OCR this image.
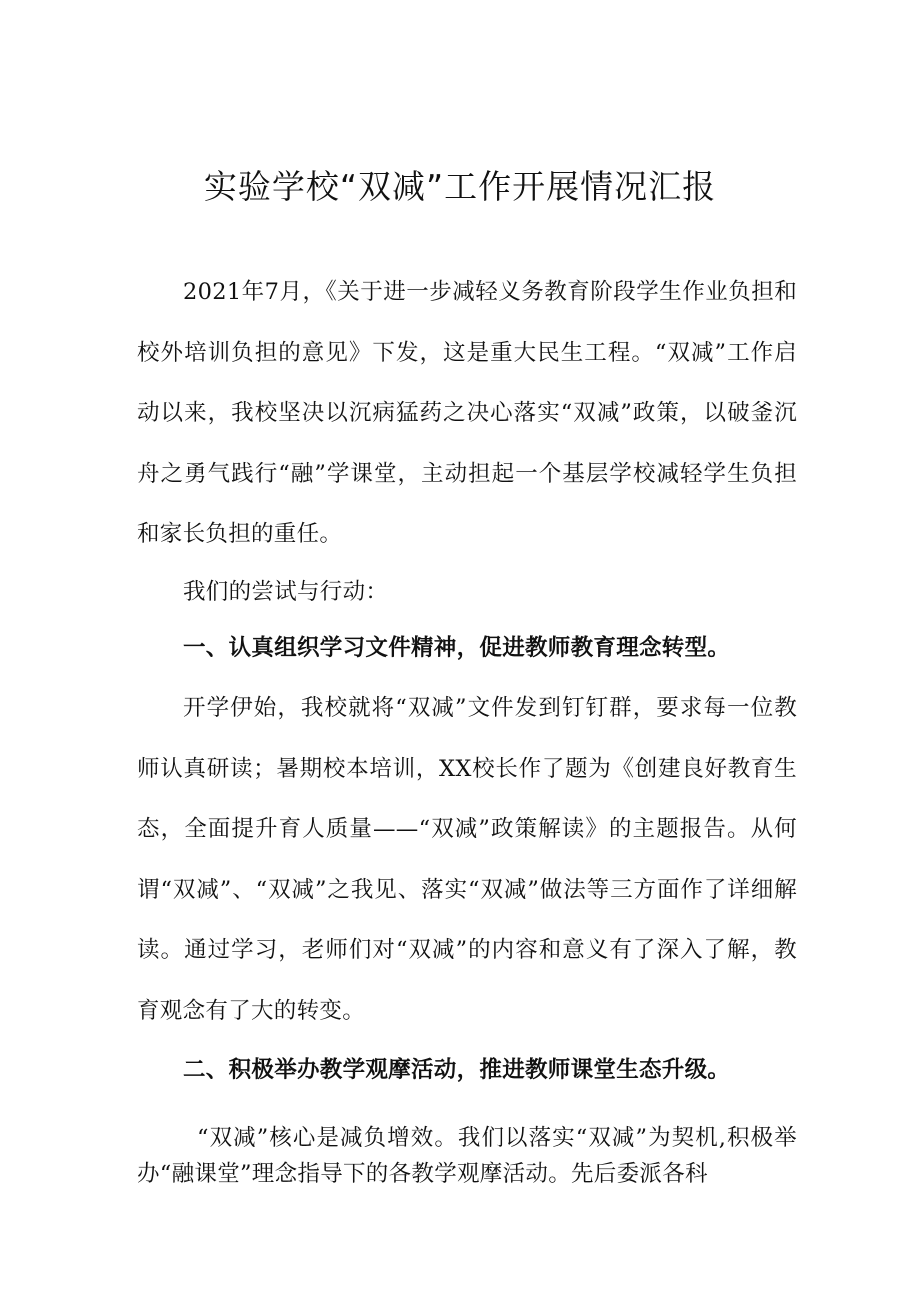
实验学校“双减”工作开展情况汇报

2021年7月，《关于进一步减轻义务教育阶段学生作业负担和校外培训负担的意见》下发，这是重大民生工程。“双减”工作启动以来，我校坚决以沉病猛药之决心落实“双减”政策，以破釜沉舟之勇气践行“融”学课堂，主动担起一个基层学校减轻学生负担和家长负担的重任。

我们的尝试与行动：

一、认真组织学习文件精神，促进教师教育理念转型。

开学伊始，我校就将“双减”文件发到钉钉群，要求每一位教师认真研读；暑期校本培训，XX校长作了题为《创建良好教育生态，全面提升育人质量——“双减”政策解读》的主题报告。从何谓“双减”、“双减”之我见、落实“双减”做法等三方面作了详细解读。通过学习，老师们对“双减”的内容和意义有了深入了解，教育观念有了大的转变。

二、积极举办教学观摩活动，推进教师课堂生态升级。

“双减”核心是减负增效。我们以落实“双减”为契机,积极举办“融课堂”理念指导下的各教学观摩活动。先后委派各科
